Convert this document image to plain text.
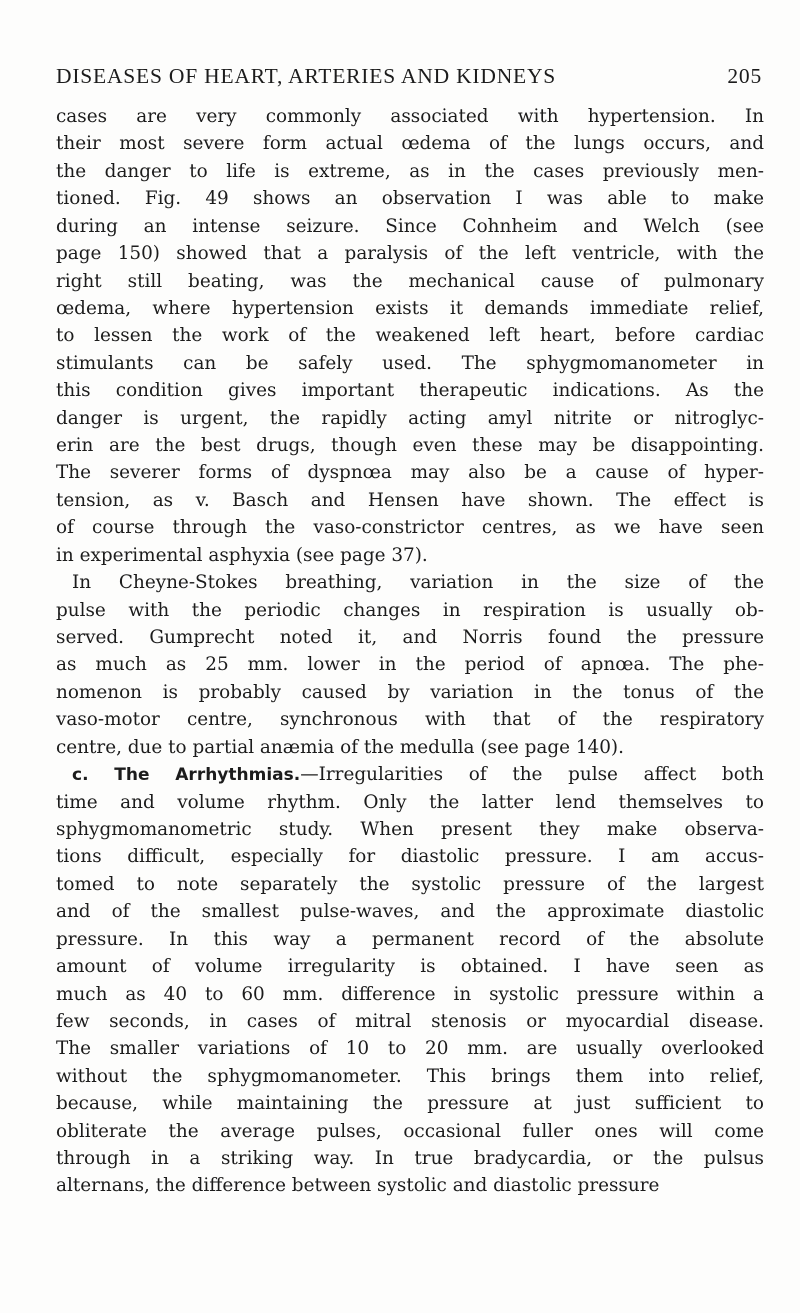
DISEASES OF HEART, ARTERIES AND KIDNEYS	205
cases are very commonly associated with hypertension. In
their most severe form actual œdema of the lungs occurs, and
the danger to life is extreme, as in the cases previously men-
tioned. Fig. 49 shows an observation I was able to make
during an intense seizure. Since Cohnheim and Welch (see
page 150) showed that a paralysis of the left ventricle, with the
right still beating, was the mechanical cause of pulmonary
œdema, where hypertension exists it demands immediate relief,
to lessen the work of the weakened left heart, before cardiac
stimulants can be safely used. The sphygmomanometer in
this condition gives important therapeutic indications. As the
danger is urgent, the rapidly acting amyl nitrite or nitroglyc-
erin are the best drugs, though even these may be disappointing.
The severer forms of dyspnœa may also be a cause of hyper-
tension, as v. Basch and Hensen have shown. The effect is
of course through the vaso-constrictor centres, as we have seen
in experimental asphyxia (see page 37).
In Cheyne-Stokes breathing, variation in the size of the
pulse with the periodic changes in respiration is usually ob-
served. Gumprecht noted it, and Norris found the pressure
as much as 25 mm. lower in the period of apnœa. The phe-
nomenon is probably caused by variation in the tonus of the
vaso-motor centre, synchronous with that of the respiratory
centre, due to partial anæmia of the medulla (see page 140).
c. The Arrhythmias.—Irregularities of the pulse affect both
time and volume rhythm. Only the latter lend themselves to
sphygmomanometric study. When present they make observa-
tions difficult, especially for diastolic pressure. I am accus-
tomed to note separately the systolic pressure of the largest
and of the smallest pulse-waves, and the approximate diastolic
pressure. In this way a permanent record of the absolute
amount of volume irregularity is obtained. I have seen as
much as 40 to 60 mm. difference in systolic pressure within a
few seconds, in cases of mitral stenosis or myocardial disease.
The smaller variations of 10 to 20 mm. are usually overlooked
without the sphygmomanometer. This brings them into relief,
because, while maintaining the pressure at just sufficient to
obliterate the average pulses, occasional fuller ones will come
through in a striking way. In true bradycardia, or the pulsus
alternans, the difference between systolic and diastolic pressure
